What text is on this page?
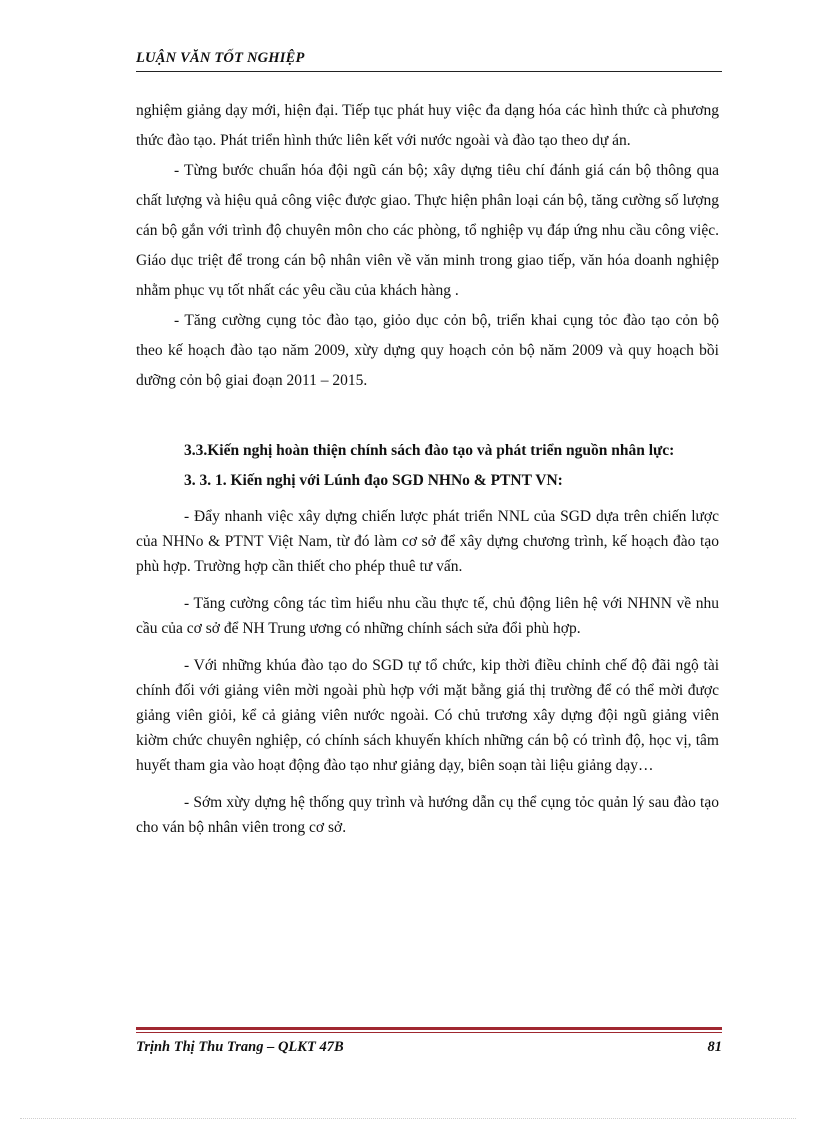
LUẬN VĂN TỐT NGHIỆP

nghiệm giảng dạy mới, hiện đại. Tiếp tục phát huy việc đa dạng hóa các hình thức cà phương thức đào tạo. Phát triển hình thức liên kết với nước ngoài và đào tạo theo dự án.

- Từng bước chuẩn hóa đội ngũ cán bộ; xây dựng tiêu chí đánh giá cán bộ thông qua chất lượng và hiệu quả công việc được giao. Thực hiện phân loại cán bộ, tăng cường số lượng cán bộ gắn với trình độ chuyên môn cho các phòng, tổ nghiệp vụ đáp ứng nhu cầu công việc. Giáo dục triệt để trong cán bộ nhân viên về văn minh trong giao tiếp, văn hóa doanh nghiệp nhằm phục vụ tốt nhất các yêu cầu của khách hàng .

- Tăng cường cụng tỏc đào tạo, giỏo dục cỏn bộ, triển khai cụng tỏc đào tạo cỏn bộ theo kế hoạch đào tạo năm 2009, xừy dựng quy hoạch cỏn bộ năm 2009 và quy hoạch bồi dưỡng cỏn bộ giai đoạn 2011 – 2015.

3.3.Kiến nghị hoàn thiện chính sách đào tạo và phát triển nguồn nhân lực:

3. 3. 1. Kiến nghị với Lúnh đạo SGD NHNo & PTNT VN:

- Đẩy nhanh việc xây dựng chiến lược phát triển NNL của SGD dựa trên chiến lược của NHNo & PTNT Việt Nam, từ đó làm cơ sở để xây dựng chương trình, kế hoạch đào tạo phù hợp. Trường hợp cần thiết cho phép thuê tư vấn.

- Tăng cường công tác tìm hiểu nhu cầu thực tế, chủ động liên hệ với NHNN về nhu cầu của cơ sở để NH Trung ương có những chính sách sửa đổi phù hợp.

- Với những khúa đào tạo do SGD tự tổ chức, kip thời điều chỉnh chế độ đãi ngộ tài chính đối với giảng viên mời ngoài phù hợp với mặt bằng giá thị trường để có thể mời được giảng viên giỏi, kể cả giảng viên nước ngoài. Có chủ trương xây dựng đội ngũ giảng viên kiờm chức chuyên nghiệp, có chính sách khuyến khích những cán bộ có trình độ, học vị, tâm huyết tham gia vào hoạt động đào tạo như giảng dạy, biên soạn tài liệu giảng dạy…

- Sớm xừy dựng hệ thống quy trình và hướng dẫn cụ thể cụng tỏc quản lý sau đào tạo cho ván bộ nhân viên trong cơ sở.

Trịnh Thị Thu Trang – QLKT 47B	81
